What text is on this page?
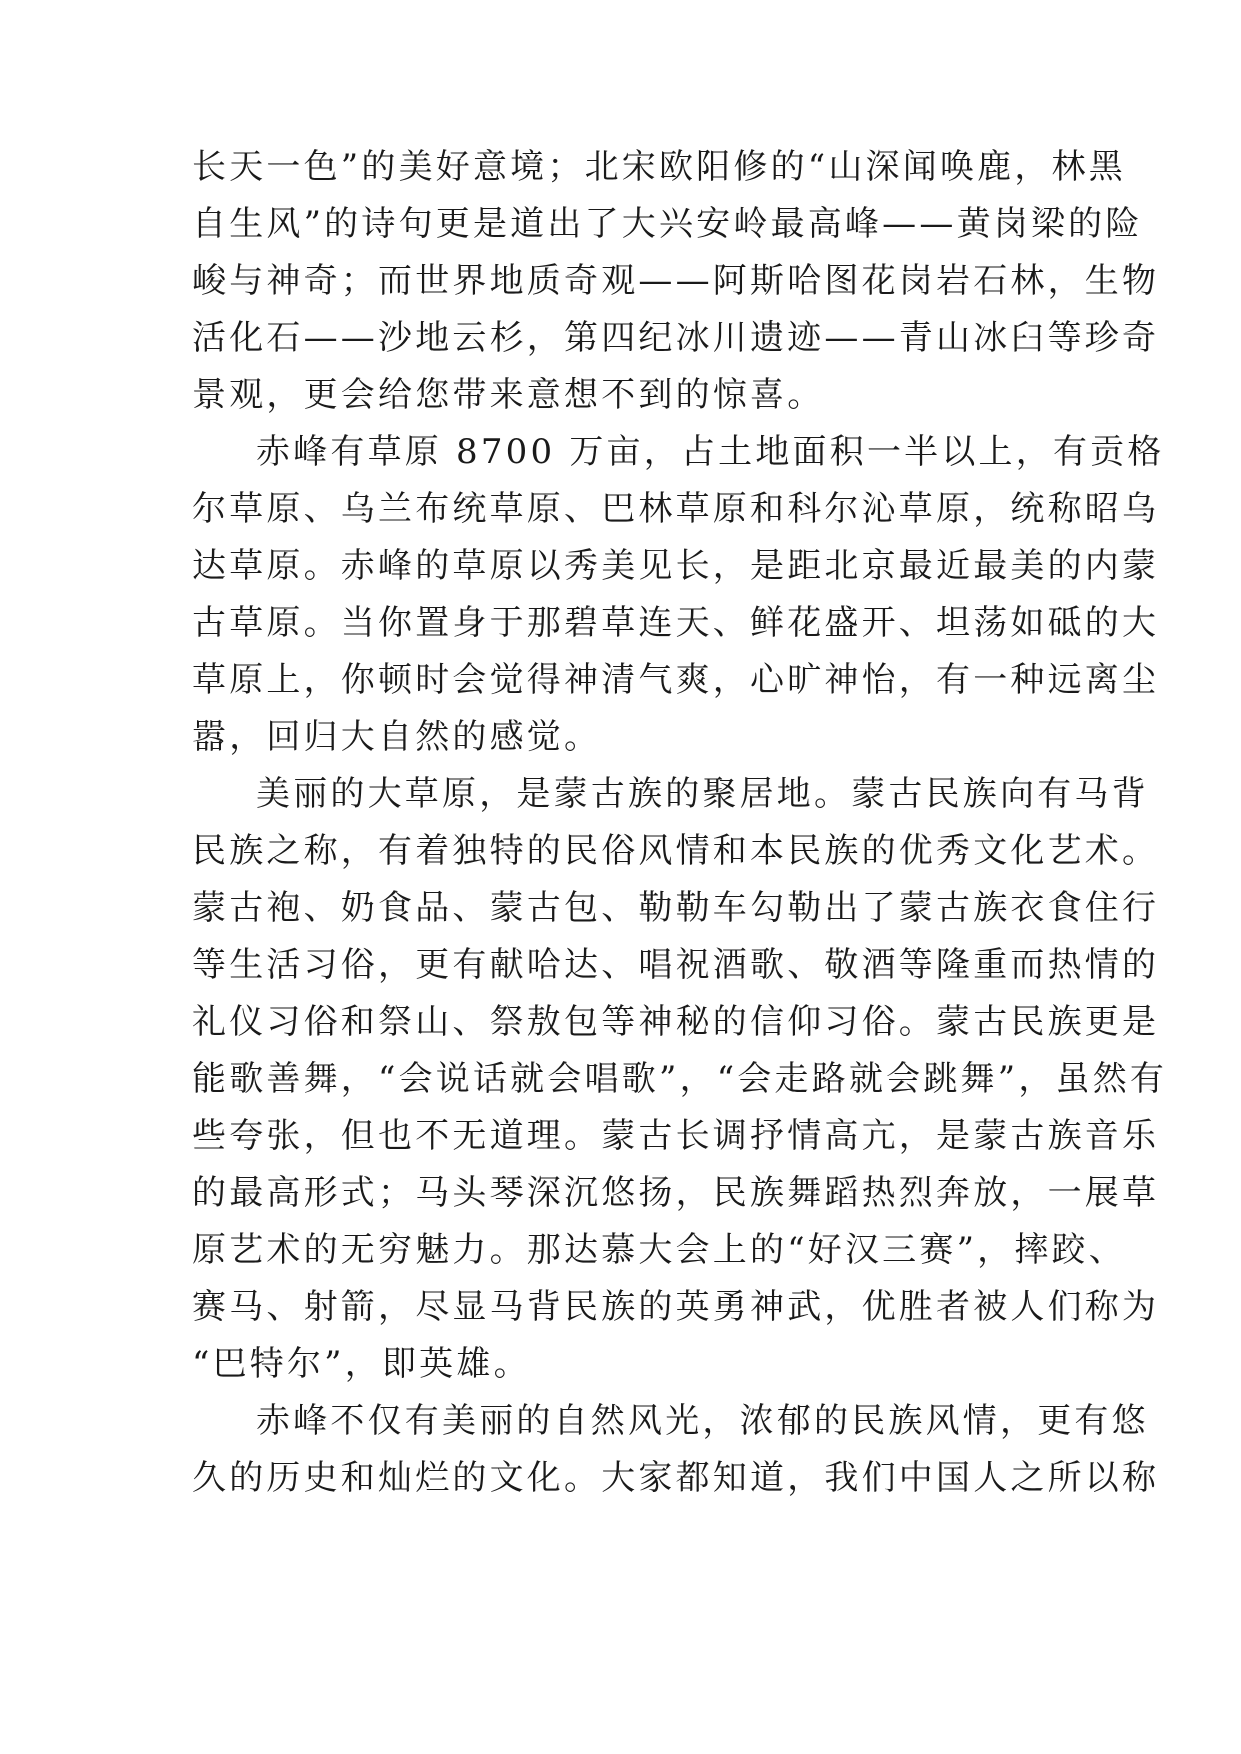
长天一色”的美好意境；北宋欧阳修的“山深闻唤鹿，林黑
自生风”的诗句更是道出了大兴安岭最高峰——黄岗梁的险
峻与神奇；而世界地质奇观——阿斯哈图花岗岩石林，生物
活化石——沙地云杉，第四纪冰川遗迹——青山冰臼等珍奇
景观，更会给您带来意想不到的惊喜。
赤峰有草原 8700 万亩，占土地面积一半以上，有贡格
尔草原、乌兰布统草原、巴林草原和科尔沁草原，统称昭乌
达草原。赤峰的草原以秀美见长，是距北京最近最美的内蒙
古草原。当你置身于那碧草连天、鲜花盛开、坦荡如砥的大
草原上，你顿时会觉得神清气爽，心旷神怡，有一种远离尘
嚣，回归大自然的感觉。
美丽的大草原，是蒙古族的聚居地。蒙古民族向有马背
民族之称，有着独特的民俗风情和本民族的优秀文化艺术。
蒙古袍、奶食品、蒙古包、勒勒车勾勒出了蒙古族衣食住行
等生活习俗，更有献哈达、唱祝酒歌、敬酒等隆重而热情的
礼仪习俗和祭山、祭敖包等神秘的信仰习俗。蒙古民族更是
能歌善舞，“会说话就会唱歌”，“会走路就会跳舞”，虽然有
些夸张，但也不无道理。蒙古长调抒情高亢，是蒙古族音乐
的最高形式；马头琴深沉悠扬，民族舞蹈热烈奔放，一展草
原艺术的无穷魅力。那达慕大会上的“好汉三赛”，摔跤、
赛马、射箭，尽显马背民族的英勇神武，优胜者被人们称为
“巴特尔”，即英雄。
赤峰不仅有美丽的自然风光，浓郁的民族风情，更有悠
久的历史和灿烂的文化。大家都知道，我们中国人之所以称
